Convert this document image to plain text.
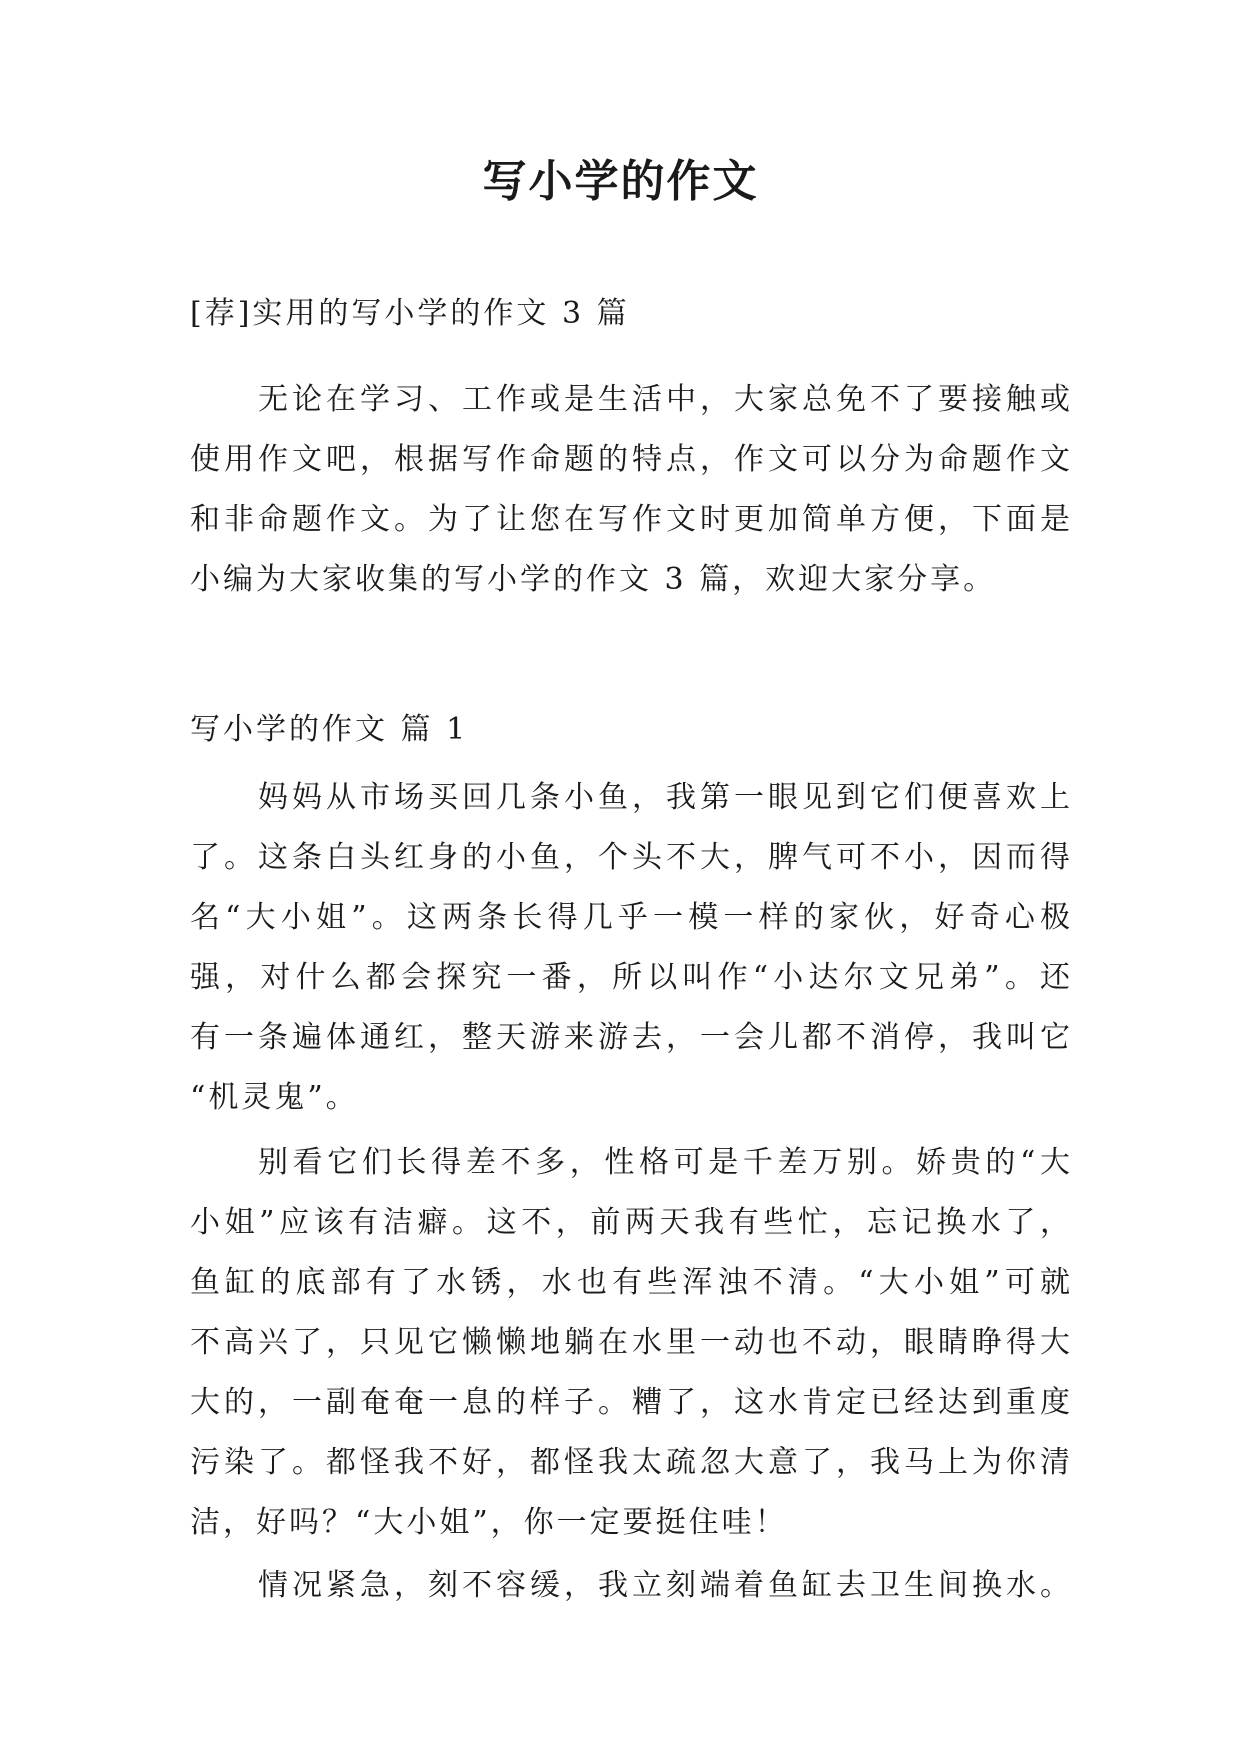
写小学的作文

[荐]实用的写小学的作文 3 篇

无论在学习、工作或是生活中，大家总免不了要接触或
使用作文吧，根据写作命题的特点，作文可以分为命题作文
和非命题作文。为了让您在写作文时更加简单方便，下面是
小编为大家收集的写小学的作文 3 篇，欢迎大家分享。

写小学的作文 篇 1

妈妈从市场买回几条小鱼，我第一眼见到它们便喜欢上
了。这条白头红身的小鱼，个头不大，脾气可不小，因而得
名“大小姐”。这两条长得几乎一模一样的家伙，好奇心极
强，对什么都会探究一番，所以叫作“小达尔文兄弟”。还
有一条遍体通红，整天游来游去，一会儿都不消停，我叫它
“机灵鬼”。
别看它们长得差不多，性格可是千差万别。娇贵的“大
小姐”应该有洁癖。这不，前两天我有些忙，忘记换水了，
鱼缸的底部有了水锈，水也有些浑浊不清。“大小姐”可就
不高兴了，只见它懒懒地躺在水里一动也不动，眼睛睁得大
大的，一副奄奄一息的样子。糟了，这水肯定已经达到重度
污染了。都怪我不好，都怪我太疏忽大意了，我马上为你清
洁，好吗？“大小姐”，你一定要挺住哇！
情况紧急，刻不容缓，我立刻端着鱼缸去卫生间换水。
